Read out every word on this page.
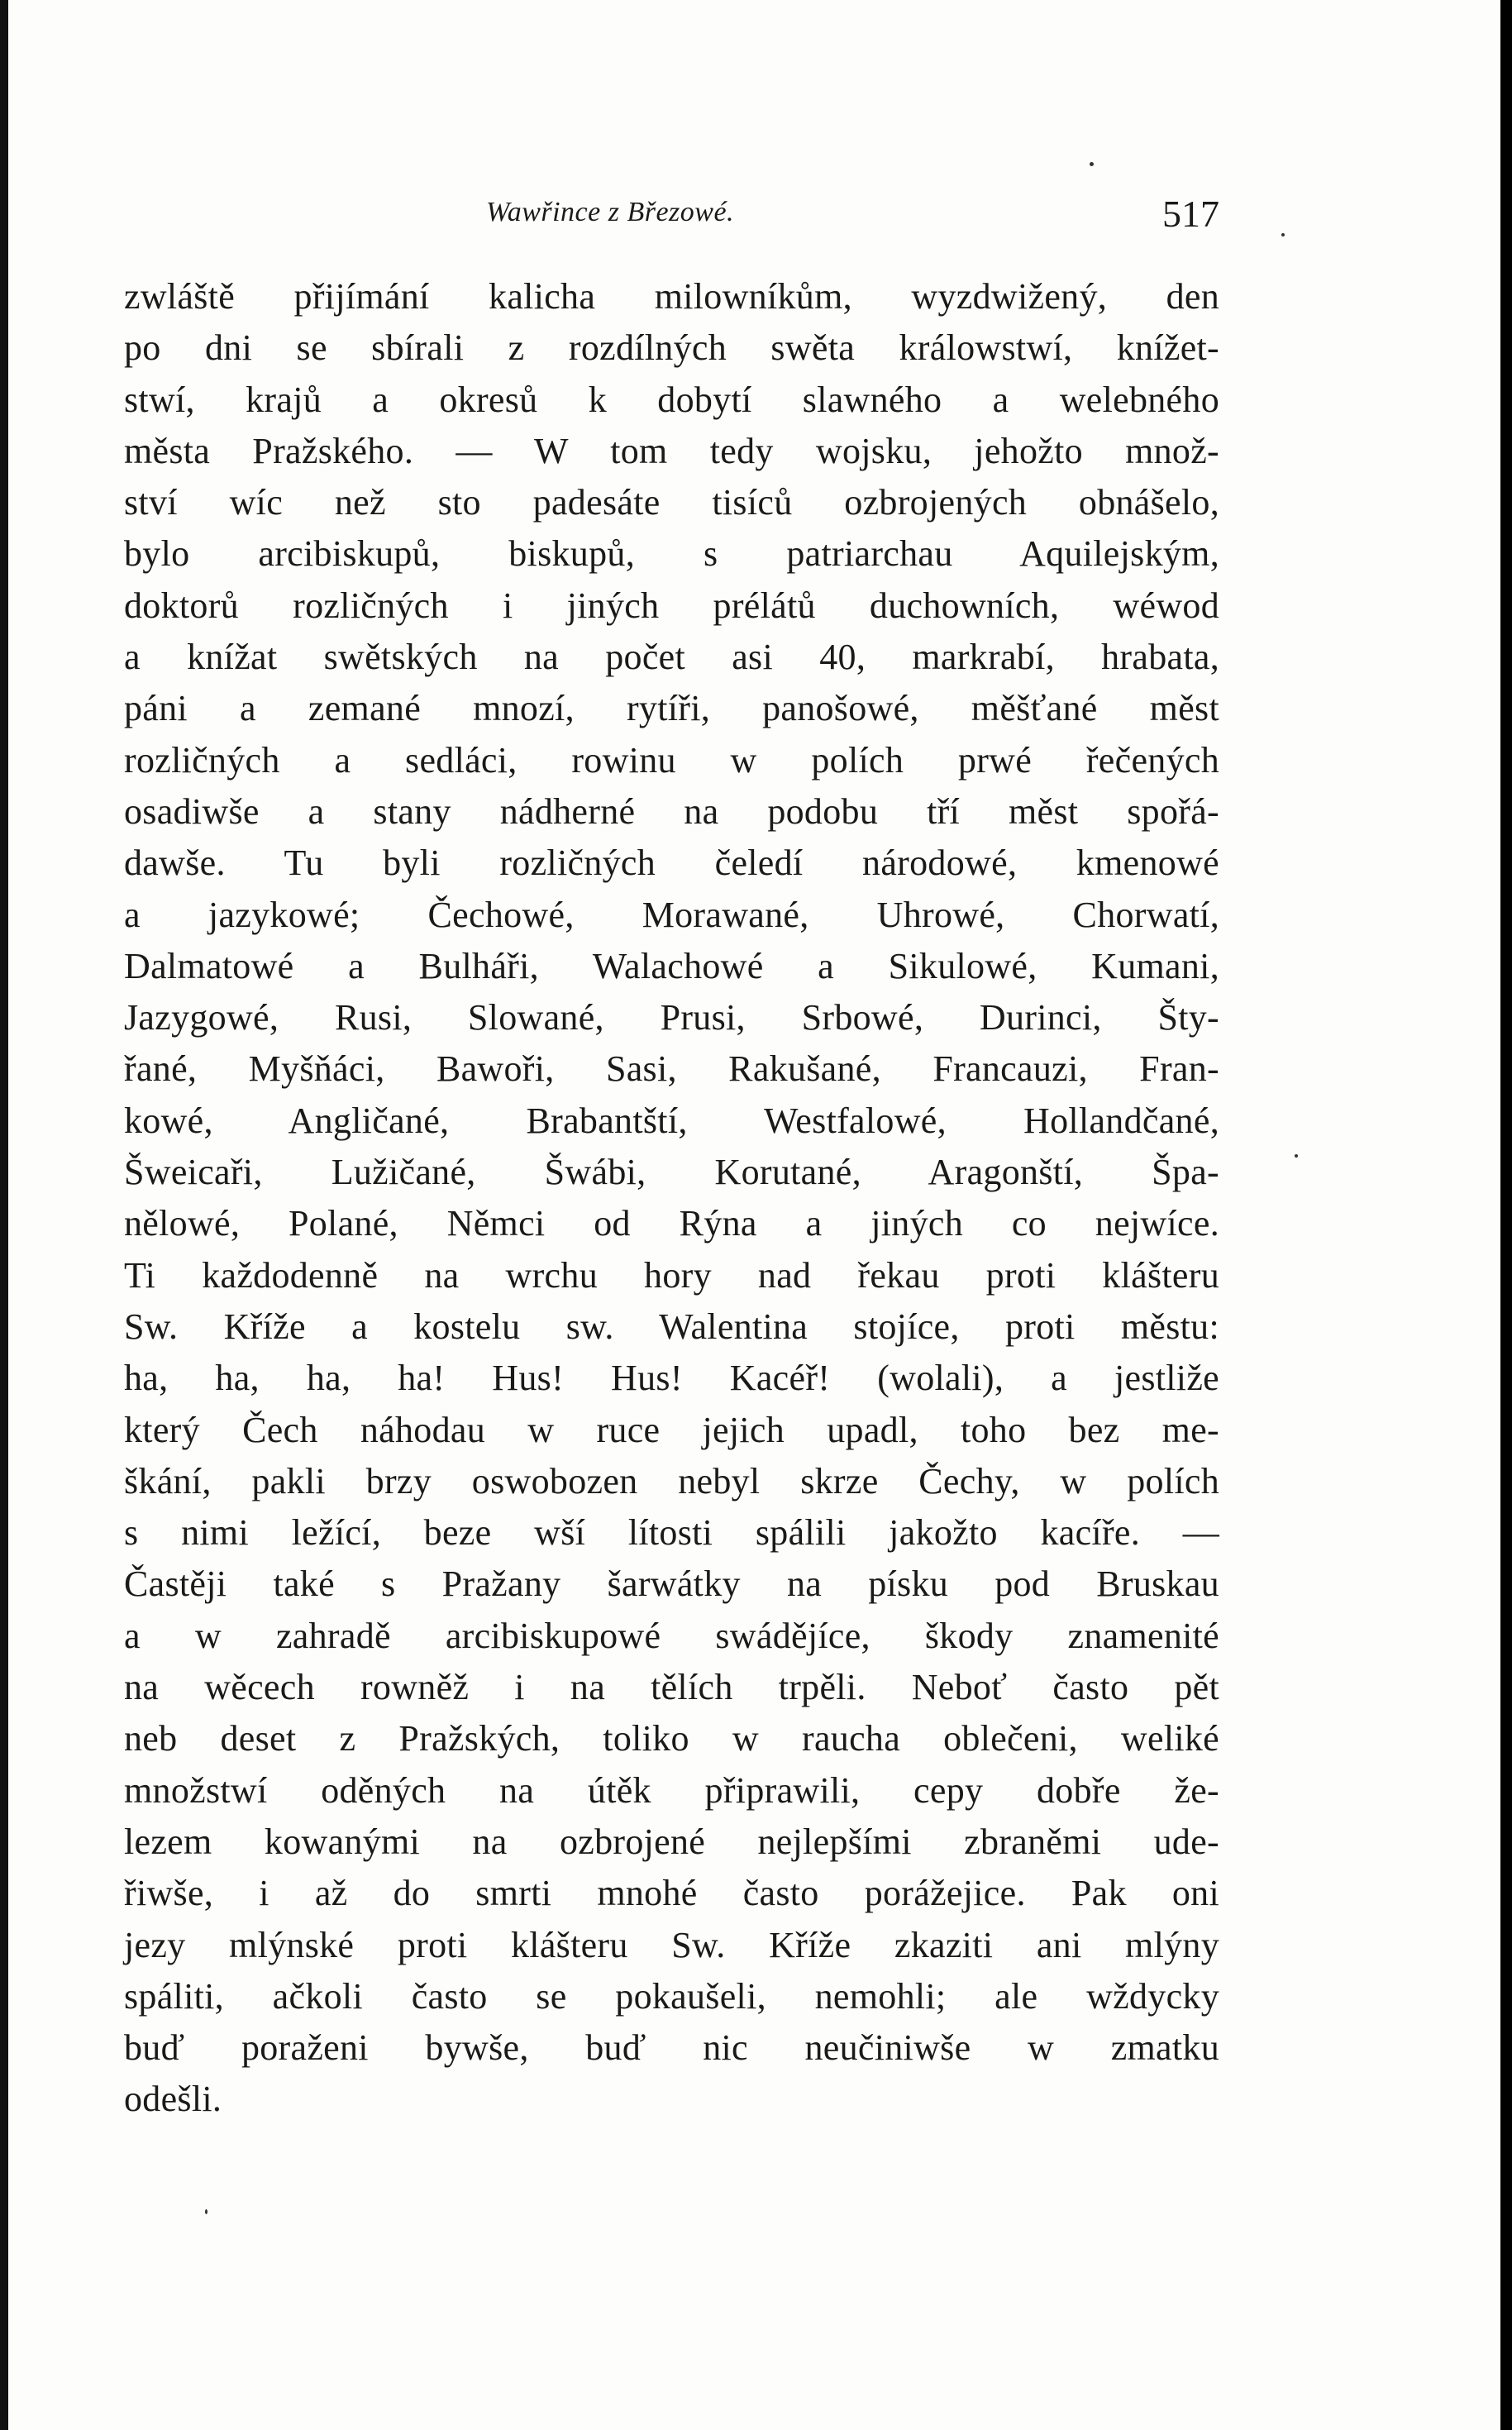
Wawřince z Březowé.	517

zwláště přijímání kalicha milowníkům, wyzdwižený, den
po dni se sbírali z rozdílných swěta králowstwí, knížet-
stwí, krajů a okresů k dobytí slawného a welebného
města Pražského. — W tom tedy wojsku, jehožto množ-
ství wíc než sto padesáte tisíců ozbrojených obnášelo,
bylo arcibiskupů, biskupů, s patriarchau Aquilejským,
doktorů rozličných i jiných prélátů duchowních, wéwod
a knížat swětských na počet asi 40, markrabí, hrabata,
páni a zemané mnozí, rytíři, panošowé, měšťané měst
rozličných a sedláci, rowinu w polích prwé řečených
osadiwše a stany nádherné na podobu tří měst spořá-
dawše. Tu byli rozličných čeledí národowé, kmenowé
a jazykowé; Čechowé, Morawané, Uhrowé, Chorwatí,
Dalmatowé a Bulháři, Walachowé a Sikulowé, Kumani,
Jazygowé, Rusi, Slowané, Prusi, Srbowé, Durinci, Šty-
řané, Myšňáci, Bawoři, Sasi, Rakušané, Francauzi, Fran-
kowé, Angličané, Brabantští, Westfalowé, Hollandčané,
Šweicaři, Lužičané, Šwábi, Korutané, Aragonští, Špa-
nělowé, Polané, Němci od Rýna a jiných co nejwíce.
Ti každodenně na wrchu hory nad řekau proti klášteru
Sw. Kříže a kostelu sw. Walentina stojíce, proti městu:
ha, ha, ha, ha! Hus! Hus! Kacéř! (wolali), a jestliže
který Čech náhodau w ruce jejich upadl, toho bez me-
škání, pakli brzy oswobozen nebyl skrze Čechy, w polích
s nimi ležící, beze wší lítosti spálili jakožto kacíře. —
Častěji také s Pražany šarwátky na písku pod Bruskau
a w zahradě arcibiskupowé swádějíce, škody znamenité
na wěcech rowněž i na tělích trpěli. Neboť často pět
neb deset z Pražských, toliko w raucha oblečeni, weliké
množstwí oděných na útěk připrawili, cepy dobře že-
lezem kowanými na ozbrojené nejlepšími zbraněmi ude-
řiwše, i až do smrti mnohé často porážejice. Pak oni
jezy mlýnské proti klášteru Sw. Kříže zkaziti ani mlýny
spáliti, ačkoli často se pokaušeli, nemohli; ale wždycky
buď poraženi bywše, buď nic neučiniwše w zmatku
odešli.
